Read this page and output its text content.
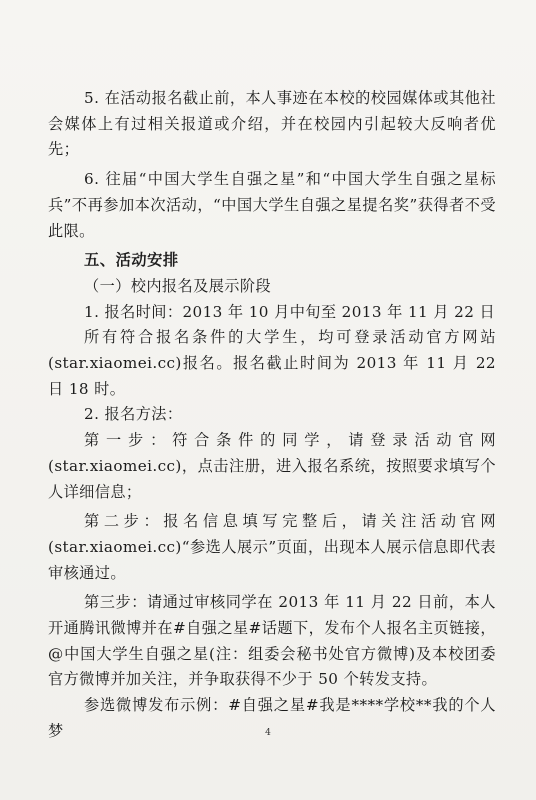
5. 在活动报名截止前，本人事迹在本校的校园媒体或其他社会媒体上有过相关报道或介绍，并在校园内引起较大反响者优先；

6. 往届“中国大学生自强之星”和“中国大学生自强之星标兵”不再参加本次活动，“中国大学生自强之星提名奖”获得者不受此限。

五、活动安排

（一）校内报名及展示阶段

1. 报名时间：2013 年 10 月中旬至 2013 年 11 月 22 日

所有符合报名条件的大学生，均可登录活动官方网站(star.xiaomei.cc)报名。报名截止时间为 2013 年 11 月 22 日 18 时。

2. 报名方法：

第一步：符合条件的同学，请登录活动官网(star.xiaomei.cc)，点击注册，进入报名系统，按照要求填写个人详细信息；

第二步：报名信息填写完整后，请关注活动官网(star.xiaomei.cc)“参选人展示”页面，出现本人展示信息即代表审核通过。

第三步：请通过审核同学在 2013 年 11 月 22 日前，本人开通腾讯微博并在#自强之星#话题下，发布个人报名主页链接，@中国大学生自强之星(注：组委会秘书处官方微博)及本校团委官方微博并加关注，并争取获得不少于 50 个转发支持。

参选微博发布示例：#自强之星#我是****学校**我的个人梦	4
